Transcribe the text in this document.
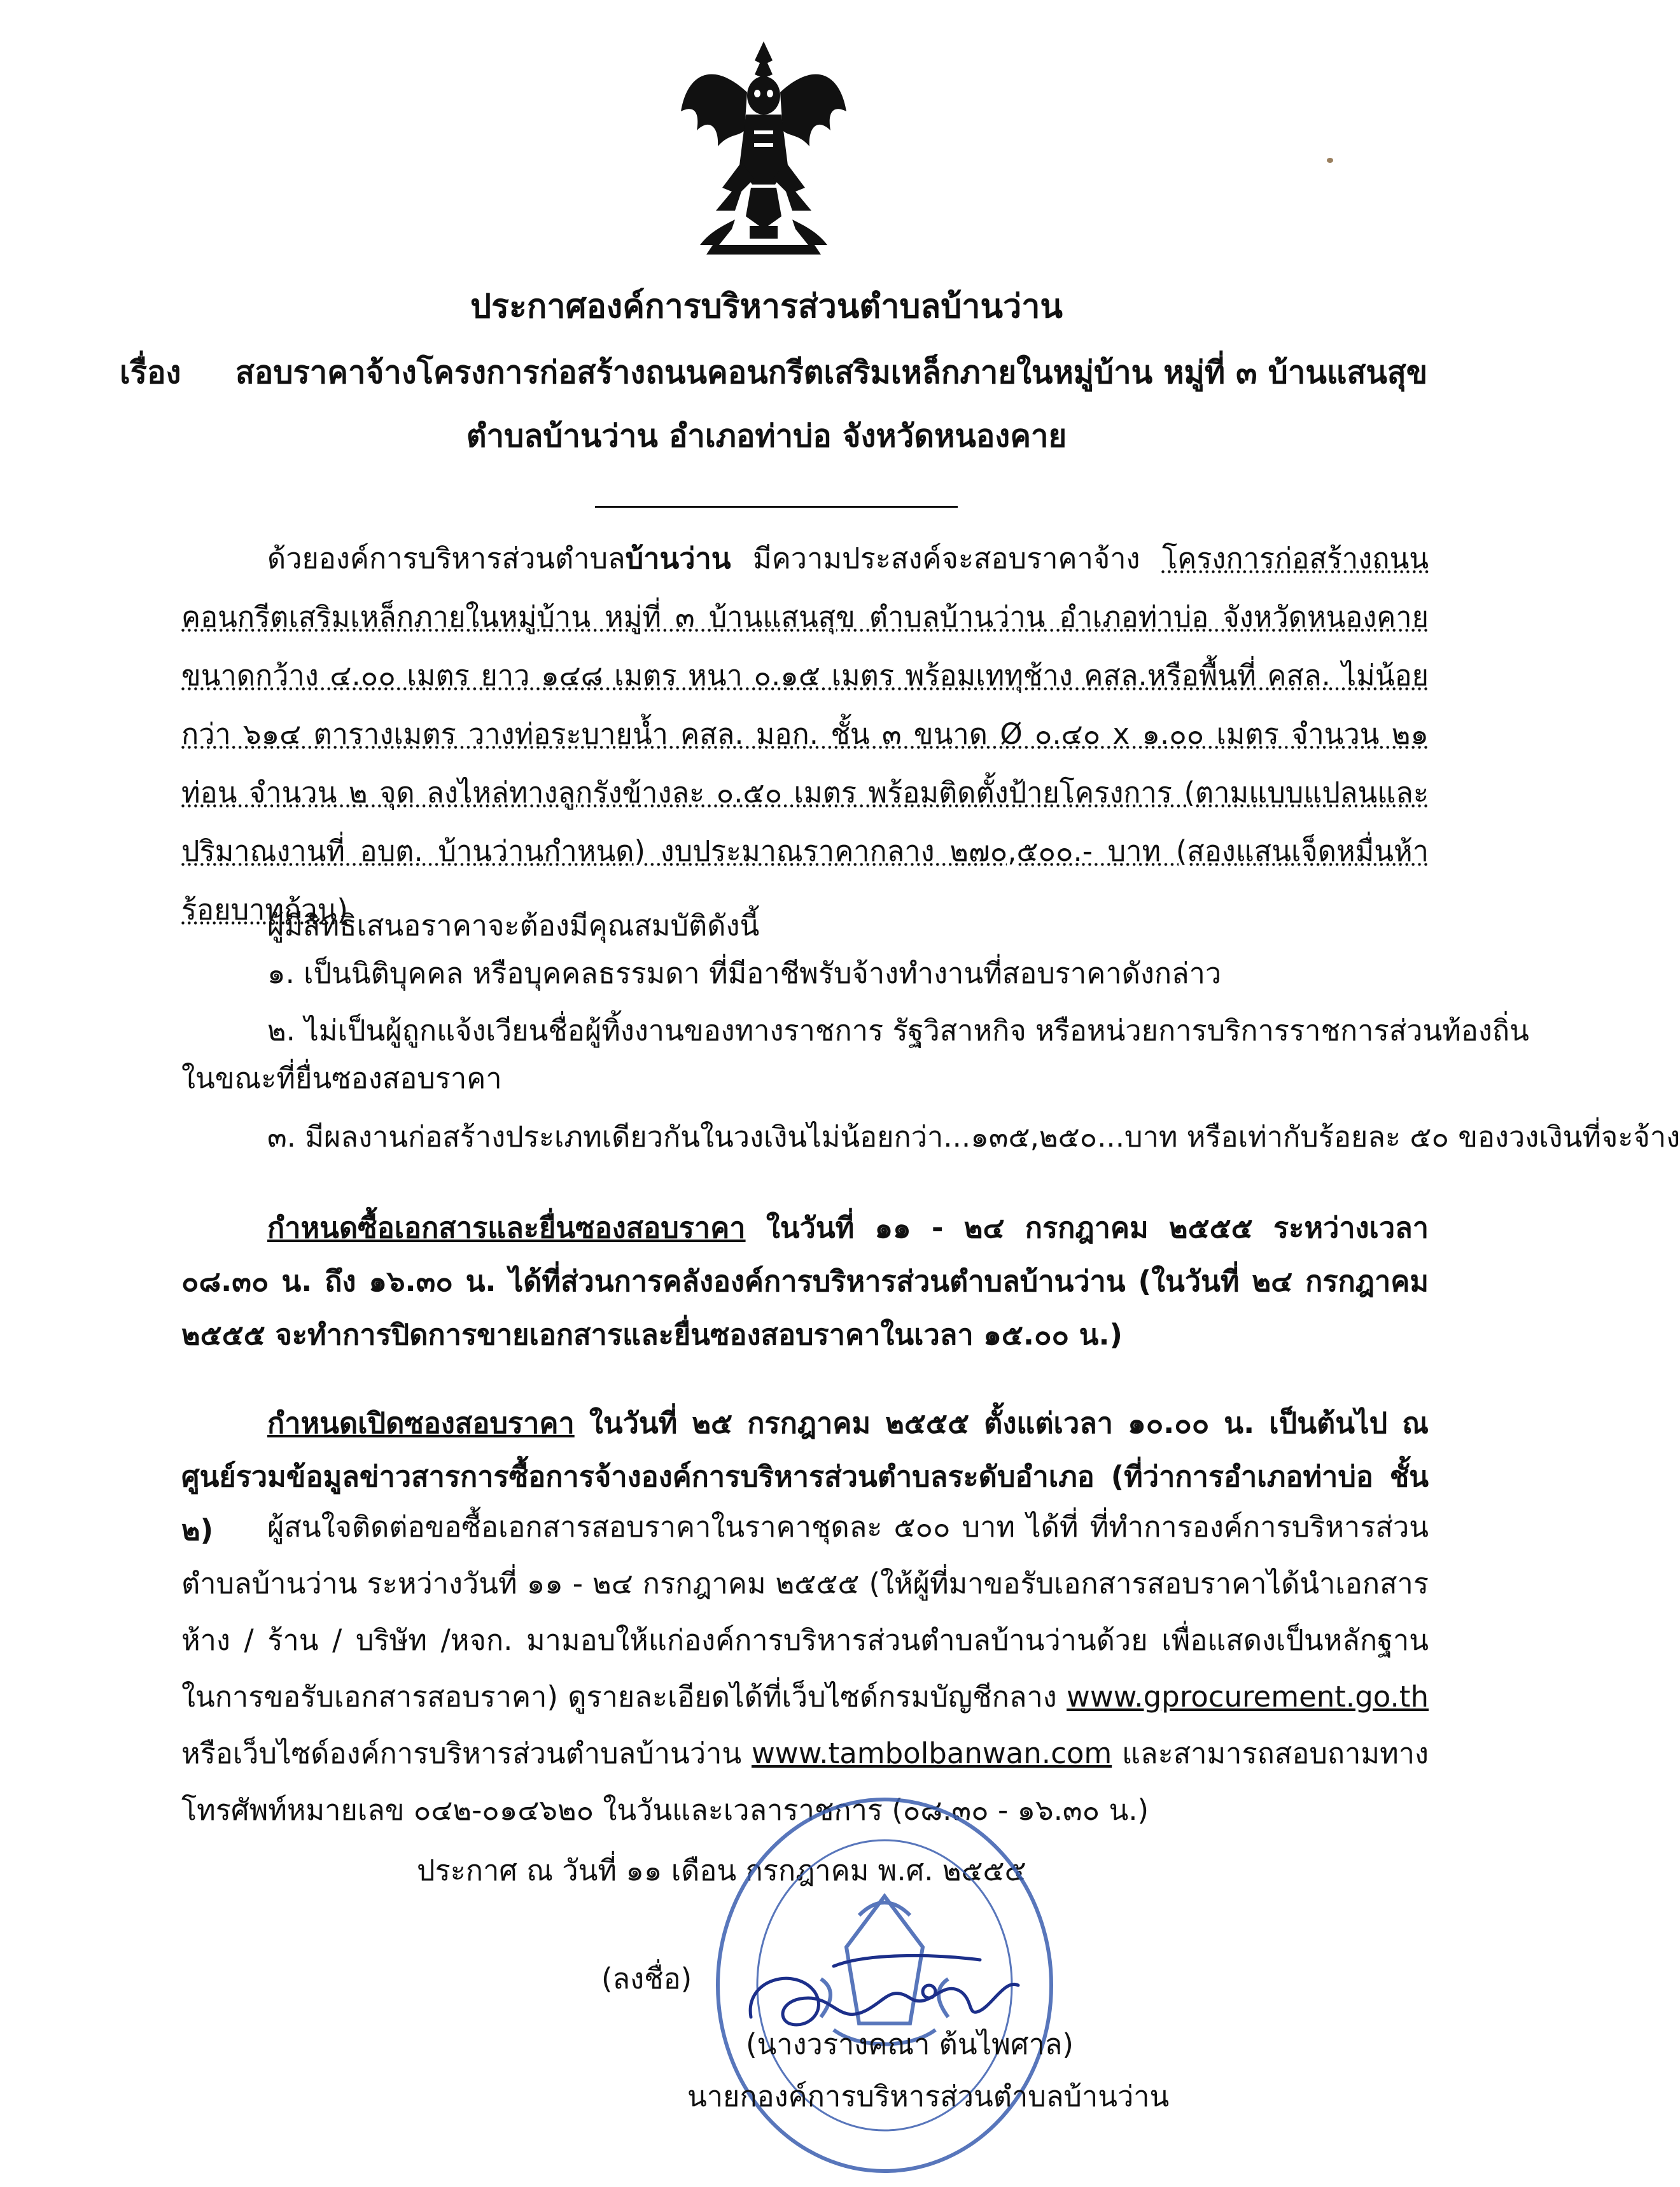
ประกาศองค์การบริหารส่วนตำบลบ้านว่าน
เรื่อง สอบราคาจ้างโครงการก่อสร้างถนนคอนกรีตเสริมเหล็กภายในหมู่บ้าน หมู่ที่ ๓ บ้านแสนสุข
ตำบลบ้านว่าน อำเภอท่าบ่อ จังหวัดหนองคาย

ด้วยองค์การบริหารส่วนตำบลบ้านว่าน มีความประสงค์จะสอบราคาจ้าง โครงการก่อสร้างถนนคอนกรีตเสริมเหล็กภายในหมู่บ้าน หมู่ที่ ๓ บ้านแสนสุข ตำบลบ้านว่าน อำเภอท่าบ่อ จังหวัดหนองคาย ขนาดกว้าง ๔.๐๐ เมตร ยาว ๑๔๘ เมตร หนา ๐.๑๕ เมตร พร้อมเททุช้าง คสล.หรือพื้นที่ คสล. ไม่น้อยกว่า ๖๑๔ ตารางเมตร วางท่อระบายน้ำ คสล. มอก. ชั้น ๓ ขนาด Ø ๐.๔๐ x ๑.๐๐ เมตร จำนวน ๒๑ ท่อน จำนวน ๒ จุด ลงไหล่ทางลูกรังข้างละ ๐.๕๐ เมตร พร้อมติดตั้งป้ายโครงการ (ตามแบบแปลนและปริมาณงานที่ อบต. บ้านว่านกำหนด) งบประมาณราคากลาง ๒๗๐,๕๐๐.- บาท (สองแสนเจ็ดหมื่นห้าร้อยบาทถ้วน)

ผู้มีสิทธิเสนอราคาจะต้องมีคุณสมบัติดังนี้
๑. เป็นนิติบุคคล หรือบุคคลธรรมดา ที่มีอาชีพรับจ้างทำงานที่สอบราคาดังกล่าว
๒. ไม่เป็นผู้ถูกแจ้งเวียนชื่อผู้ทิ้งงานของทางราชการ รัฐวิสาหกิจ หรือหน่วยการบริการราชการส่วนท้องถิ่น
ในขณะที่ยื่นซองสอบราคา
๓. มีผลงานก่อสร้างประเภทเดียวกันในวงเงินไม่น้อยกว่า...๑๓๕,๒๕๐...บาท หรือเท่ากับร้อยละ ๕๐ ของวงเงินที่จะจ้าง

กำหนดซื้อเอกสารและยื่นซองสอบราคา ในวันที่ ๑๑ - ๒๔ กรกฎาคม ๒๕๕๕ ระหว่างเวลา ๐๘.๓๐ น. ถึง ๑๖.๓๐ น. ได้ที่ส่วนการคลังองค์การบริหารส่วนตำบลบ้านว่าน (ในวันที่ ๒๔ กรกฎาคม ๒๕๕๕ จะทำการปิดการขายเอกสารและยื่นซองสอบราคาในเวลา ๑๕.๐๐ น.)

กำหนดเปิดซองสอบราคา ในวันที่ ๒๕ กรกฎาคม ๒๕๕๕ ตั้งแต่เวลา ๑๐.๐๐ น. เป็นต้นไป ณ ศูนย์รวมข้อมูลข่าวสารการซื้อการจ้างองค์การบริหารส่วนตำบลระดับอำเภอ (ที่ว่าการอำเภอท่าบ่อ ชั้น ๒)	ผู้สนใจติดต่อขอซื้อเอกสารสอบราคาในราคาชุดละ ๕๐๐ บาท ได้ที่ ที่ทำการองค์การบริหารส่วนตำบลบ้านว่าน ระหว่างวันที่ ๑๑ - ๒๔ กรกฎาคม ๒๕๕๕ (ให้ผู้ที่มาขอรับเอกสารสอบราคาได้นำเอกสารห้าง / ร้าน / บริษัท /หจก. มามอบให้แก่องค์การบริหารส่วนตำบลบ้านว่านด้วย เพื่อแสดงเป็นหลักฐานในการขอรับเอกสารสอบราคา) ดูรายละเอียดได้ที่เว็บไซด์กรมบัญชีกลาง www.gprocurement.go.th หรือเว็บไซด์องค์การบริหารส่วนตำบลบ้านว่าน www.tambolbanwan.com และสามารถสอบถามทางโทรศัพท์หมายเลข ๐๔๒-๐๑๔๖๒๐ ในวันและเวลาราชการ (๐๘.๓๐ - ๑๖.๓๐ น.)

ประกาศ ณ วันที่ ๑๑ เดือน กรกฎาคม พ.ศ. ๒๕๕๕
(ลงชื่อ)
(นางวรางคณา ต้นไพศาล)
นายกองค์การบริหารส่วนตำบลบ้านว่าน
